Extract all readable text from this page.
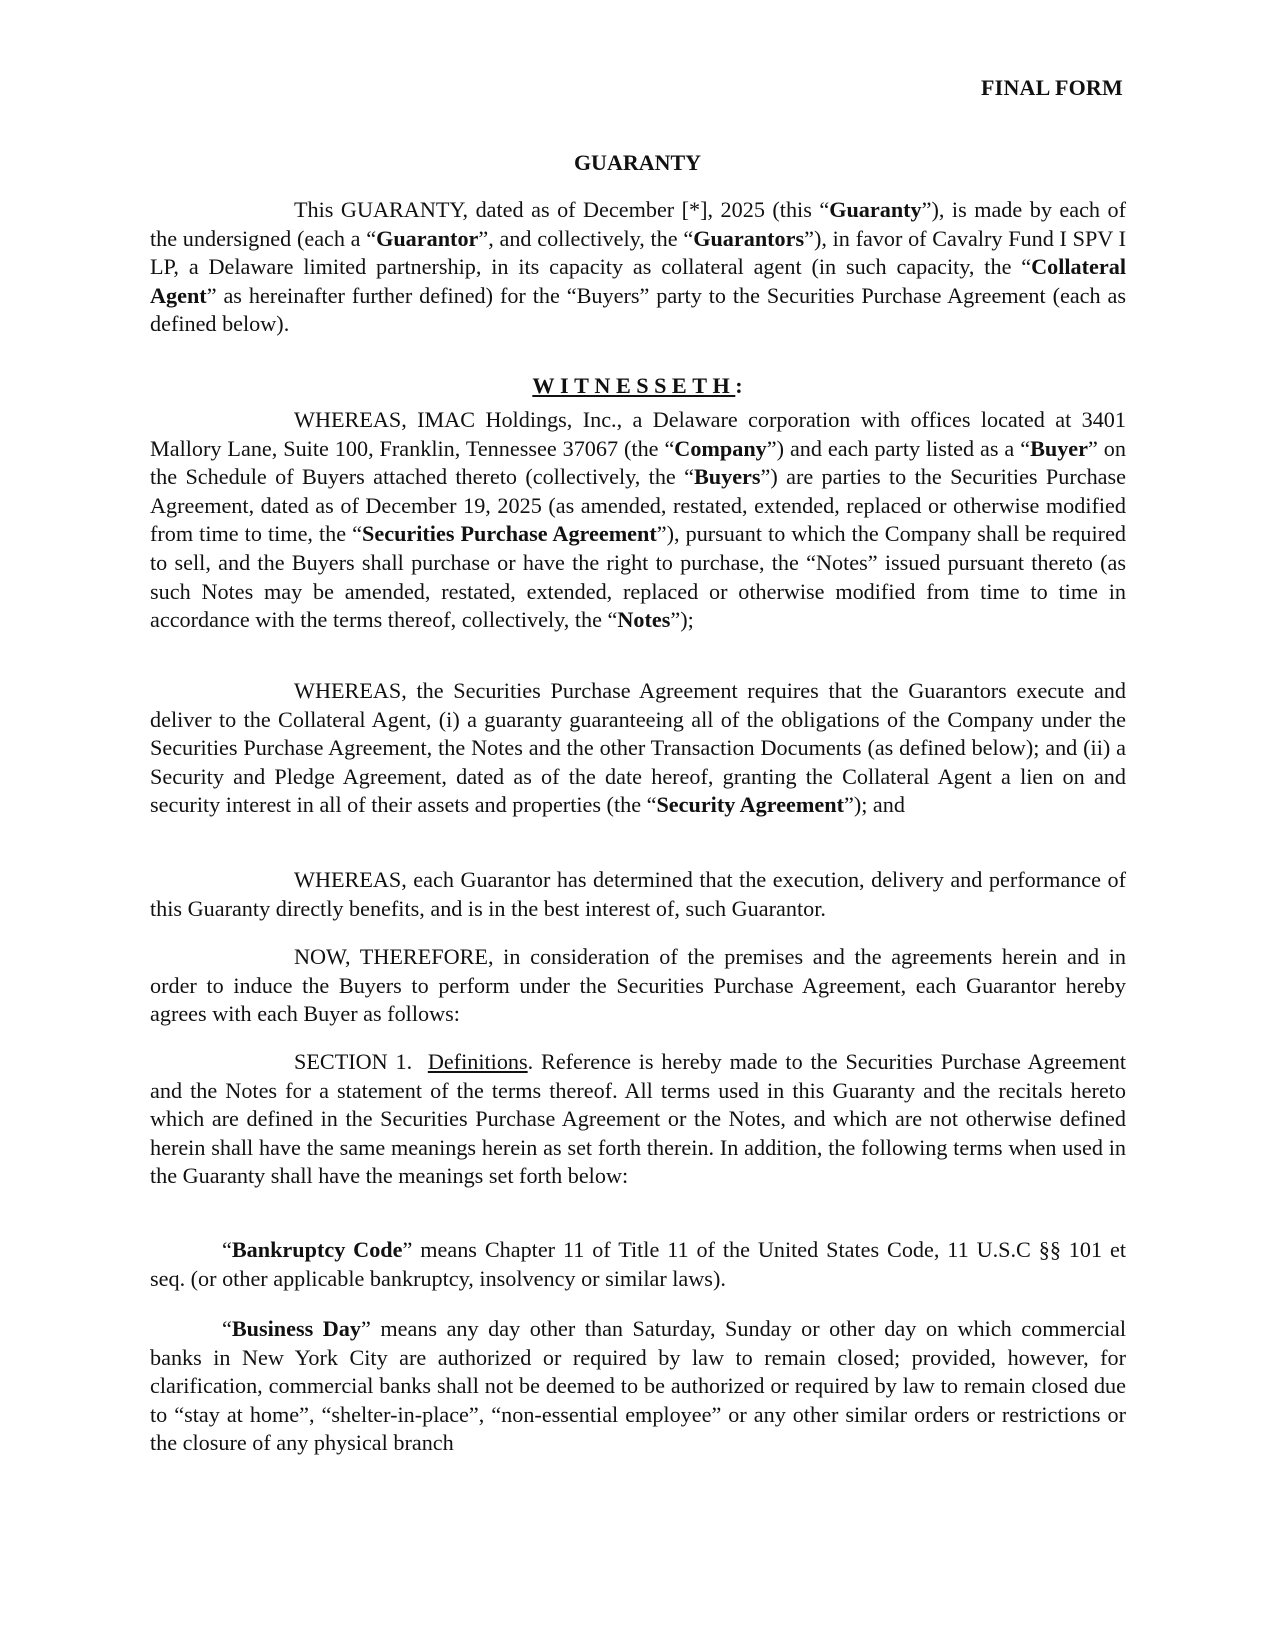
FINAL FORM
GUARANTY

This GUARANTY, dated as of December [*], 2025 (this “Guaranty”), is made by each of the undersigned (each a “Guarantor”, and collectively, the “Guarantors”), in favor of Cavalry Fund I SPV I LP, a Delaware limited partnership, in its capacity as collateral agent (in such capacity, the “Collateral Agent” as hereinafter further defined) for the “Buyers” party to the Securities Purchase Agreement (each as defined below).

WITNESSETH:

WHEREAS, IMAC Holdings, Inc., a Delaware corporation with offices located at 3401 Mallory Lane, Suite 100, Franklin, Tennessee 37067 (the “Company”) and each party listed as a “Buyer” on the Schedule of Buyers attached thereto (collectively, the “Buyers”) are parties to the Securities Purchase Agreement, dated as of December 19, 2025 (as amended, restated, extended, replaced or otherwise modified from time to time, the “Securities Purchase Agreement”), pursuant to which the Company shall be required to sell, and the Buyers shall purchase or have the right to purchase, the “Notes” issued pursuant thereto (as such Notes may be amended, restated, extended, replaced or otherwise modified from time to time in accordance with the terms thereof, collectively, the “Notes”);

WHEREAS, the Securities Purchase Agreement requires that the Guarantors execute and deliver to the Collateral Agent, (i) a guaranty guaranteeing all of the obligations of the Company under the Securities Purchase Agreement, the Notes and the other Transaction Documents (as defined below); and (ii) a Security and Pledge Agreement, dated as of the date hereof, granting the Collateral Agent a lien on and security interest in all of their assets and properties (the “Security Agreement”); and

WHEREAS, each Guarantor has determined that the execution, delivery and performance of this Guaranty directly benefits, and is in the best interest of, such Guarantor.

NOW, THEREFORE, in consideration of the premises and the agreements herein and in order to induce the Buyers to perform under the Securities Purchase Agreement, each Guarantor hereby agrees with each Buyer as follows:

SECTION 1. Definitions. Reference is hereby made to the Securities Purchase Agreement and the Notes for a statement of the terms thereof. All terms used in this Guaranty and the recitals hereto which are defined in the Securities Purchase Agreement or the Notes, and which are not otherwise defined herein shall have the same meanings herein as set forth therein. In addition, the following terms when used in the Guaranty shall have the meanings set forth below:

“Bankruptcy Code” means Chapter 11 of Title 11 of the United States Code, 11 U.S.C §§ 101 et seq. (or other applicable bankruptcy, insolvency or similar laws).

“Business Day” means any day other than Saturday, Sunday or other day on which commercial banks in New York City are authorized or required by law to remain closed; provided, however, for clarification, commercial banks shall not be deemed to be authorized or required by law to remain closed due to “stay at home”, “shelter-in-place”, “non-essential employee” or any other similar orders or restrictions or the closure of any physical branch
